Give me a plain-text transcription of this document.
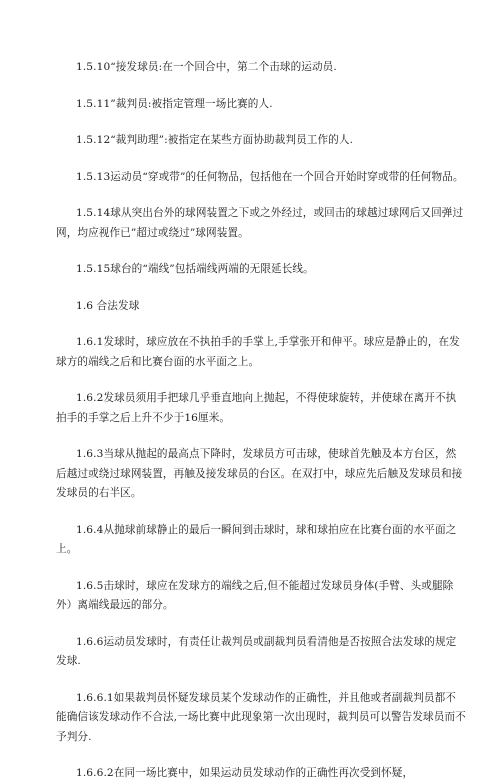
1.5.10“接发球员:在一个回合中，第二个击球的运动员.

1.5.11”裁判员:被指定管理一场比赛的人.

1.5.12“裁判助理”:被指定在某些方面协助裁判员工作的人.

1.5.13运动员“穿或带”的任何物品，包括他在一个回合开始时穿或带的任何物品。

1.5.14球从突出台外的球网装置之下或之外经过，或回击的球越过球网后又回弹过网，均应视作已”超过或绕过”球网装置。

1.5.15球台的“端线”包括端线两端的无限延长线。

1.6 合法发球

1.6.1发球时，球应放在不执拍手的手掌上,手掌张开和伸平。球应是静止的，在发球方的端线之后和比赛台面的水平面之上。

1.6.2发球员须用手把球几乎垂直地向上抛起，不得使球旋转，并使球在离开不执拍手的手掌之后上升不少于16厘米。

1.6.3当球从抛起的最高点下降时，发球员方可击球，使球首先触及本方台区，然后越过或绕过球网装置，再触及接发球员的台区。在双打中，球应先后触及发球员和接发球员的右半区。

1.6.4从抛球前球静止的最后一瞬间到击球时，球和球拍应在比赛台面的水平面之上。

1.6.5击球时，球应在发球方的端线之后,但不能超过发球员身体(手臂、头或腿除外）离端线最远的部分。

1.6.6运动员发球时，有责任让裁判员或副裁判员看清他是否按照合法发球的规定发球.

1.6.6.1如果裁判员怀疑发球员某个发球动作的正确性，并且他或者副裁判员都不能确信该发球动作不合法,一场比赛中此现象第一次出现时，裁判员可以警告发球员而不予判分.

1.6.6.2在同一场比赛中，如果运动员发球动作的正确性再次受到怀疑，
